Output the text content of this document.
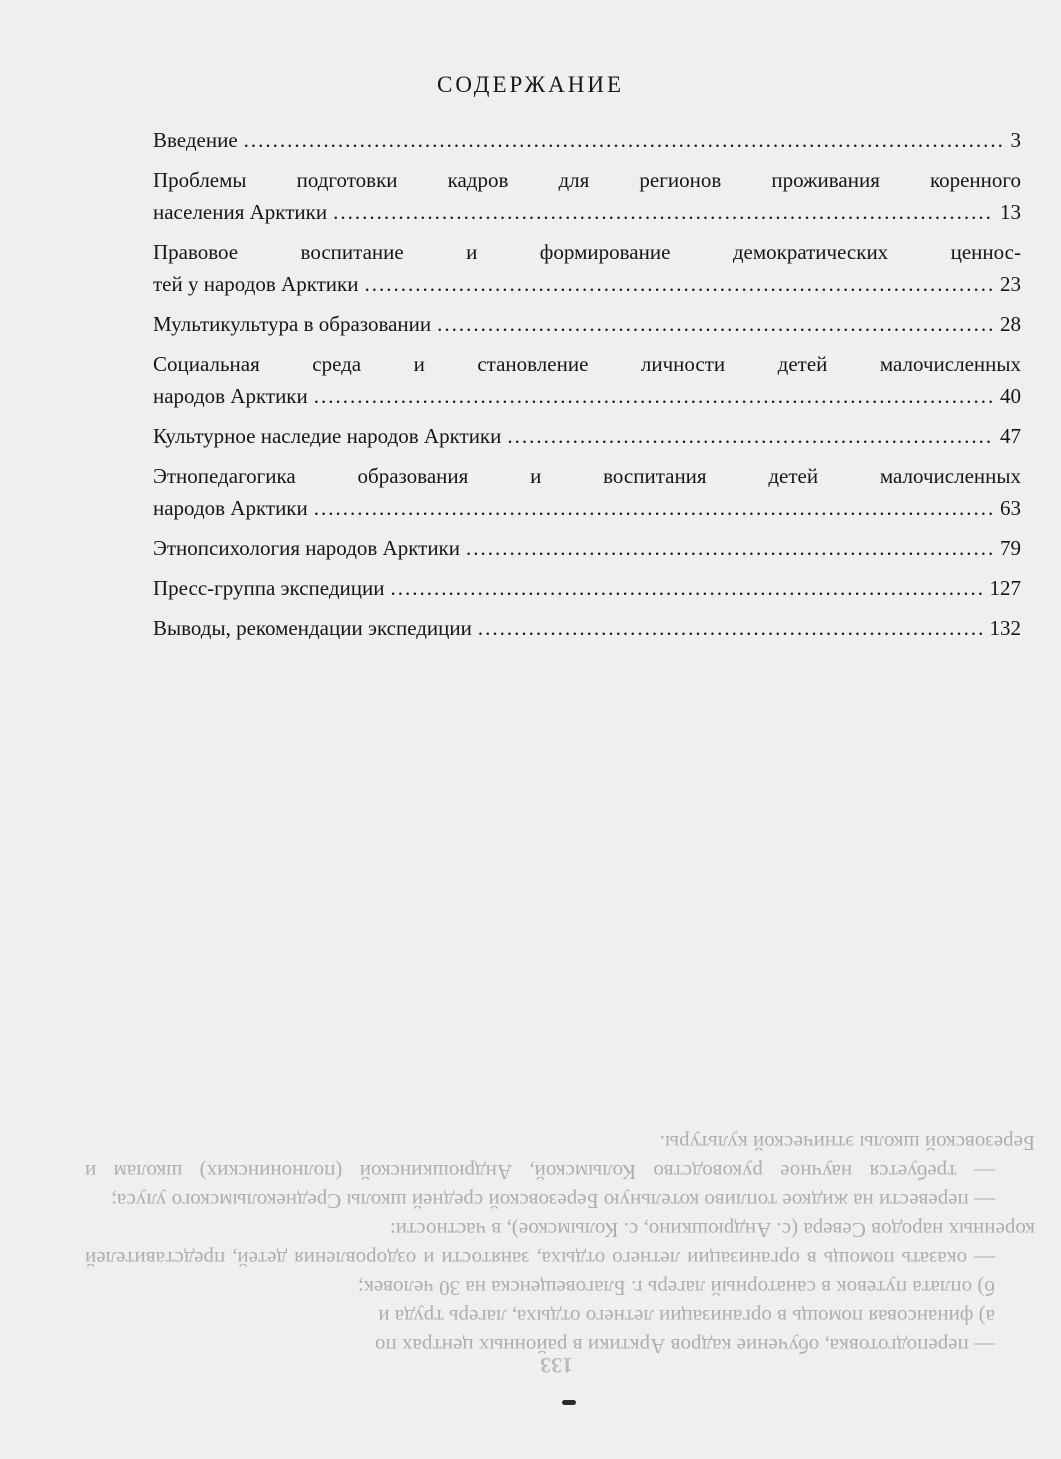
— переподготовка, обучение кадров Арктики в районных центрах по

а) финансовая помощь в организации летнего отдыха, лагерь труда и

б) оплата путевок в санаторный лагерь г. Благовещенска на 30 человек;

— оказать помощь в организации летнего отдыха, занятости и оздоровления детей, представителей коренных народов Севера (с. Андрюшкино, с. Колымское), в частности:

— перевести на жидкое топливо котельную Березовской средней школы Среднеколымского улуса;

— требуется научное руководство Колымской, Андрюшкинской (полнонинских) школам и Березовской школы этнической культуры.

133
СОДЕРЖАНИЕ
Введение .....	3
Проблемы подготовки кадров для регионов проживания коренного
населения Арктики .....	13
Правовое воспитание и формирование демократических ценнос-
тей у народов Арктики .....	23
Мультикультура в образовании .....	28
Социальная среда и становление личности детей малочисленных
народов Арктики .....	40
Культурное наследие народов Арктики .....	47
Этнопедагогика образования и воспитания детей малочисленных
народов Арктики .....	63
Этнопсихология народов Арктики .....	79
Пресс-группа экспедиции .....	127
Выводы, рекомендации экспедиции .....	132
